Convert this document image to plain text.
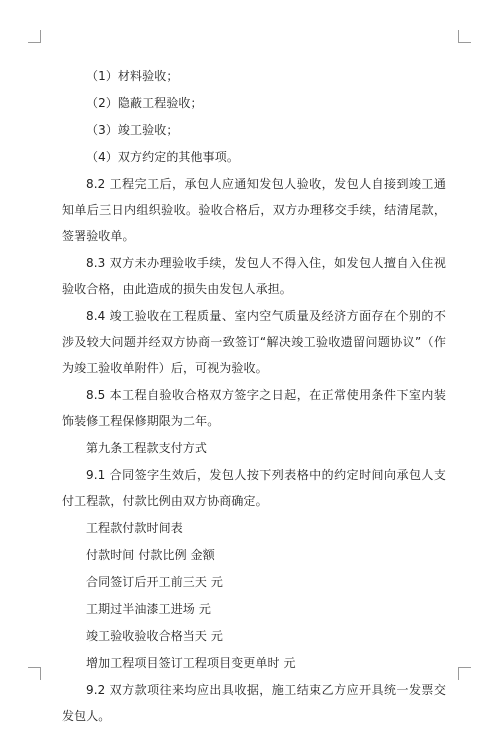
（1）材料验收；

（2）隐蔽工程验收；

（3）竣工验收；

（4）双方约定的其他事项。

8.2 工程完工后，承包人应通知发包人验收，发包人自接到竣工通知单后三日内组织验收。验收合格后，双方办理移交手续，结清尾款，签署验收单。

8.3 双方未办理验收手续，发包人不得入住，如发包人擅自入住视验收合格，由此造成的损失由发包人承担。

8.4 竣工验收在工程质量、室内空气质量及经济方面存在个别的不涉及较大问题并经双方协商一致签订“解决竣工验收遗留问题协议”（作为竣工验收单附件）后，可视为验收。

8.5 本工程自验收合格双方签字之日起，在正常使用条件下室内装饰装修工程保修期限为二年。

第九条工程款支付方式

9.1 合同签字生效后，发包人按下列表格中的约定时间向承包人支付工程款，付款比例由双方协商确定。

工程款付款时间表

付款时间 付款比例 金额

合同签订后开工前三天 元

工期过半油漆工进场 元

竣工验收验收合格当天 元

增加工程项目签订工程项目变更单时 元

9.2 双方款项往来均应出具收据，施工结束乙方应开具统一发票交发包人。
